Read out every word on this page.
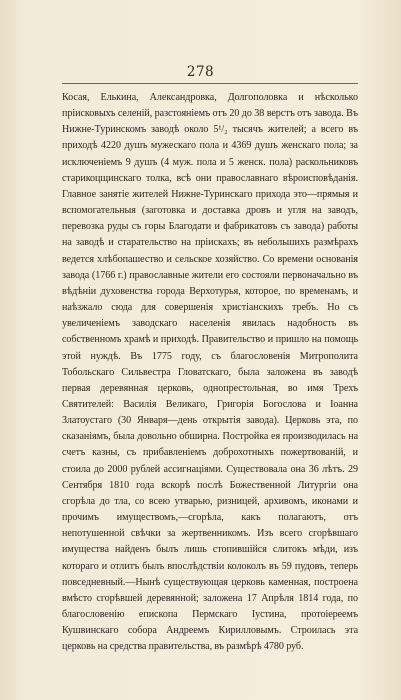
278

Косая, Елькина, Александровка, Долгополовка и нѣсколько пріисковыхъ селеній, разстоянiемъ отъ 20 до 38 верстъ отъ завода. Въ Нижне-Туринскомъ заводѣ около 5¹/₂ тысячъ жителей; а всего въ приходѣ 4220 душъ мужескаго пола и 4369 душъ женскаго пола; за исключенiемъ 9 душъ (4 муж. пола и 5 женск. пола) раскольниковъ старикоцщинскаго толка, всѣ они православнаго вѣроисповѣданія. Главное занятіе жителей Нижне-Туринскаго прихода это—прямыя и вспомогательныя (заготовка и доставка дровъ и угля на заводъ, перевозка руды съ горы Благодати и фабрикатовъ съ завода) работы на заводѣ и старательство на пріискахъ; въ небольшихъ размѣрахъ ведется хлѣбопашество и сельское хозяйство. Со времени основанія завода (1766 г.) православные жители его состояли первоначально въ вѣдѣніи духовенства города Верхотурья, которое, по временамъ, и наѣзжало сюда для совершенія христіанскихъ требъ. Но съ увеличеніемъ заводскаго населенія явилась надобность въ собственномъ храмѣ и приходѣ. Правительство и пришло на помощь этой нуждѣ. Въ 1775 году, съ благословенія Митрополита Тобольскаго Сильвестра Гловатскаго, была заложена въ заводѣ первая деревянная церковь, однопрестольная, во имя Трехъ Святителей: Василія Великаго, Григорія Богослова и Іоанна Златоустаго (30 Января—день открытія завода). Церковь эта, по сказаніямъ, была довольно обширна. Постройка ея производилась на счетъ казны, съ прибавленіемъ доброхотныхъ пожертвованій, и стоила до 2000 рублей ассигнаціями. Существовала она 36 лѣтъ. 29 Сентября 1810 года вскорѣ послѣ Божественной Литургіи она сгорѣла до тла, со всею утварью, ризницей, архивомъ, иконами и прочимъ имуществомъ,—сгорѣла, какъ полагаютъ, отъ непотушенной свѣчки за жертвенникомъ. Изъ всего сгорѣвшаго имущества найденъ былъ лишь стопившійся слитокъ мѣди, изъ котораго и отлитъ былъ впослѣдствіи колоколъ въ 59 пудовъ, теперь повседневный.—Нынѣ существующая церковь каменная, построена вмѣсто сгорѣвшей деревянной; заложена 17 Апрѣля 1814 года, по благословенію епископа Пермскаго Іустина, протоіереемъ Кушвинскаго собора Андреемъ Кирилловымъ. Строилась эта церковь на средства правительства, въ размѣрѣ 4780 руб.
